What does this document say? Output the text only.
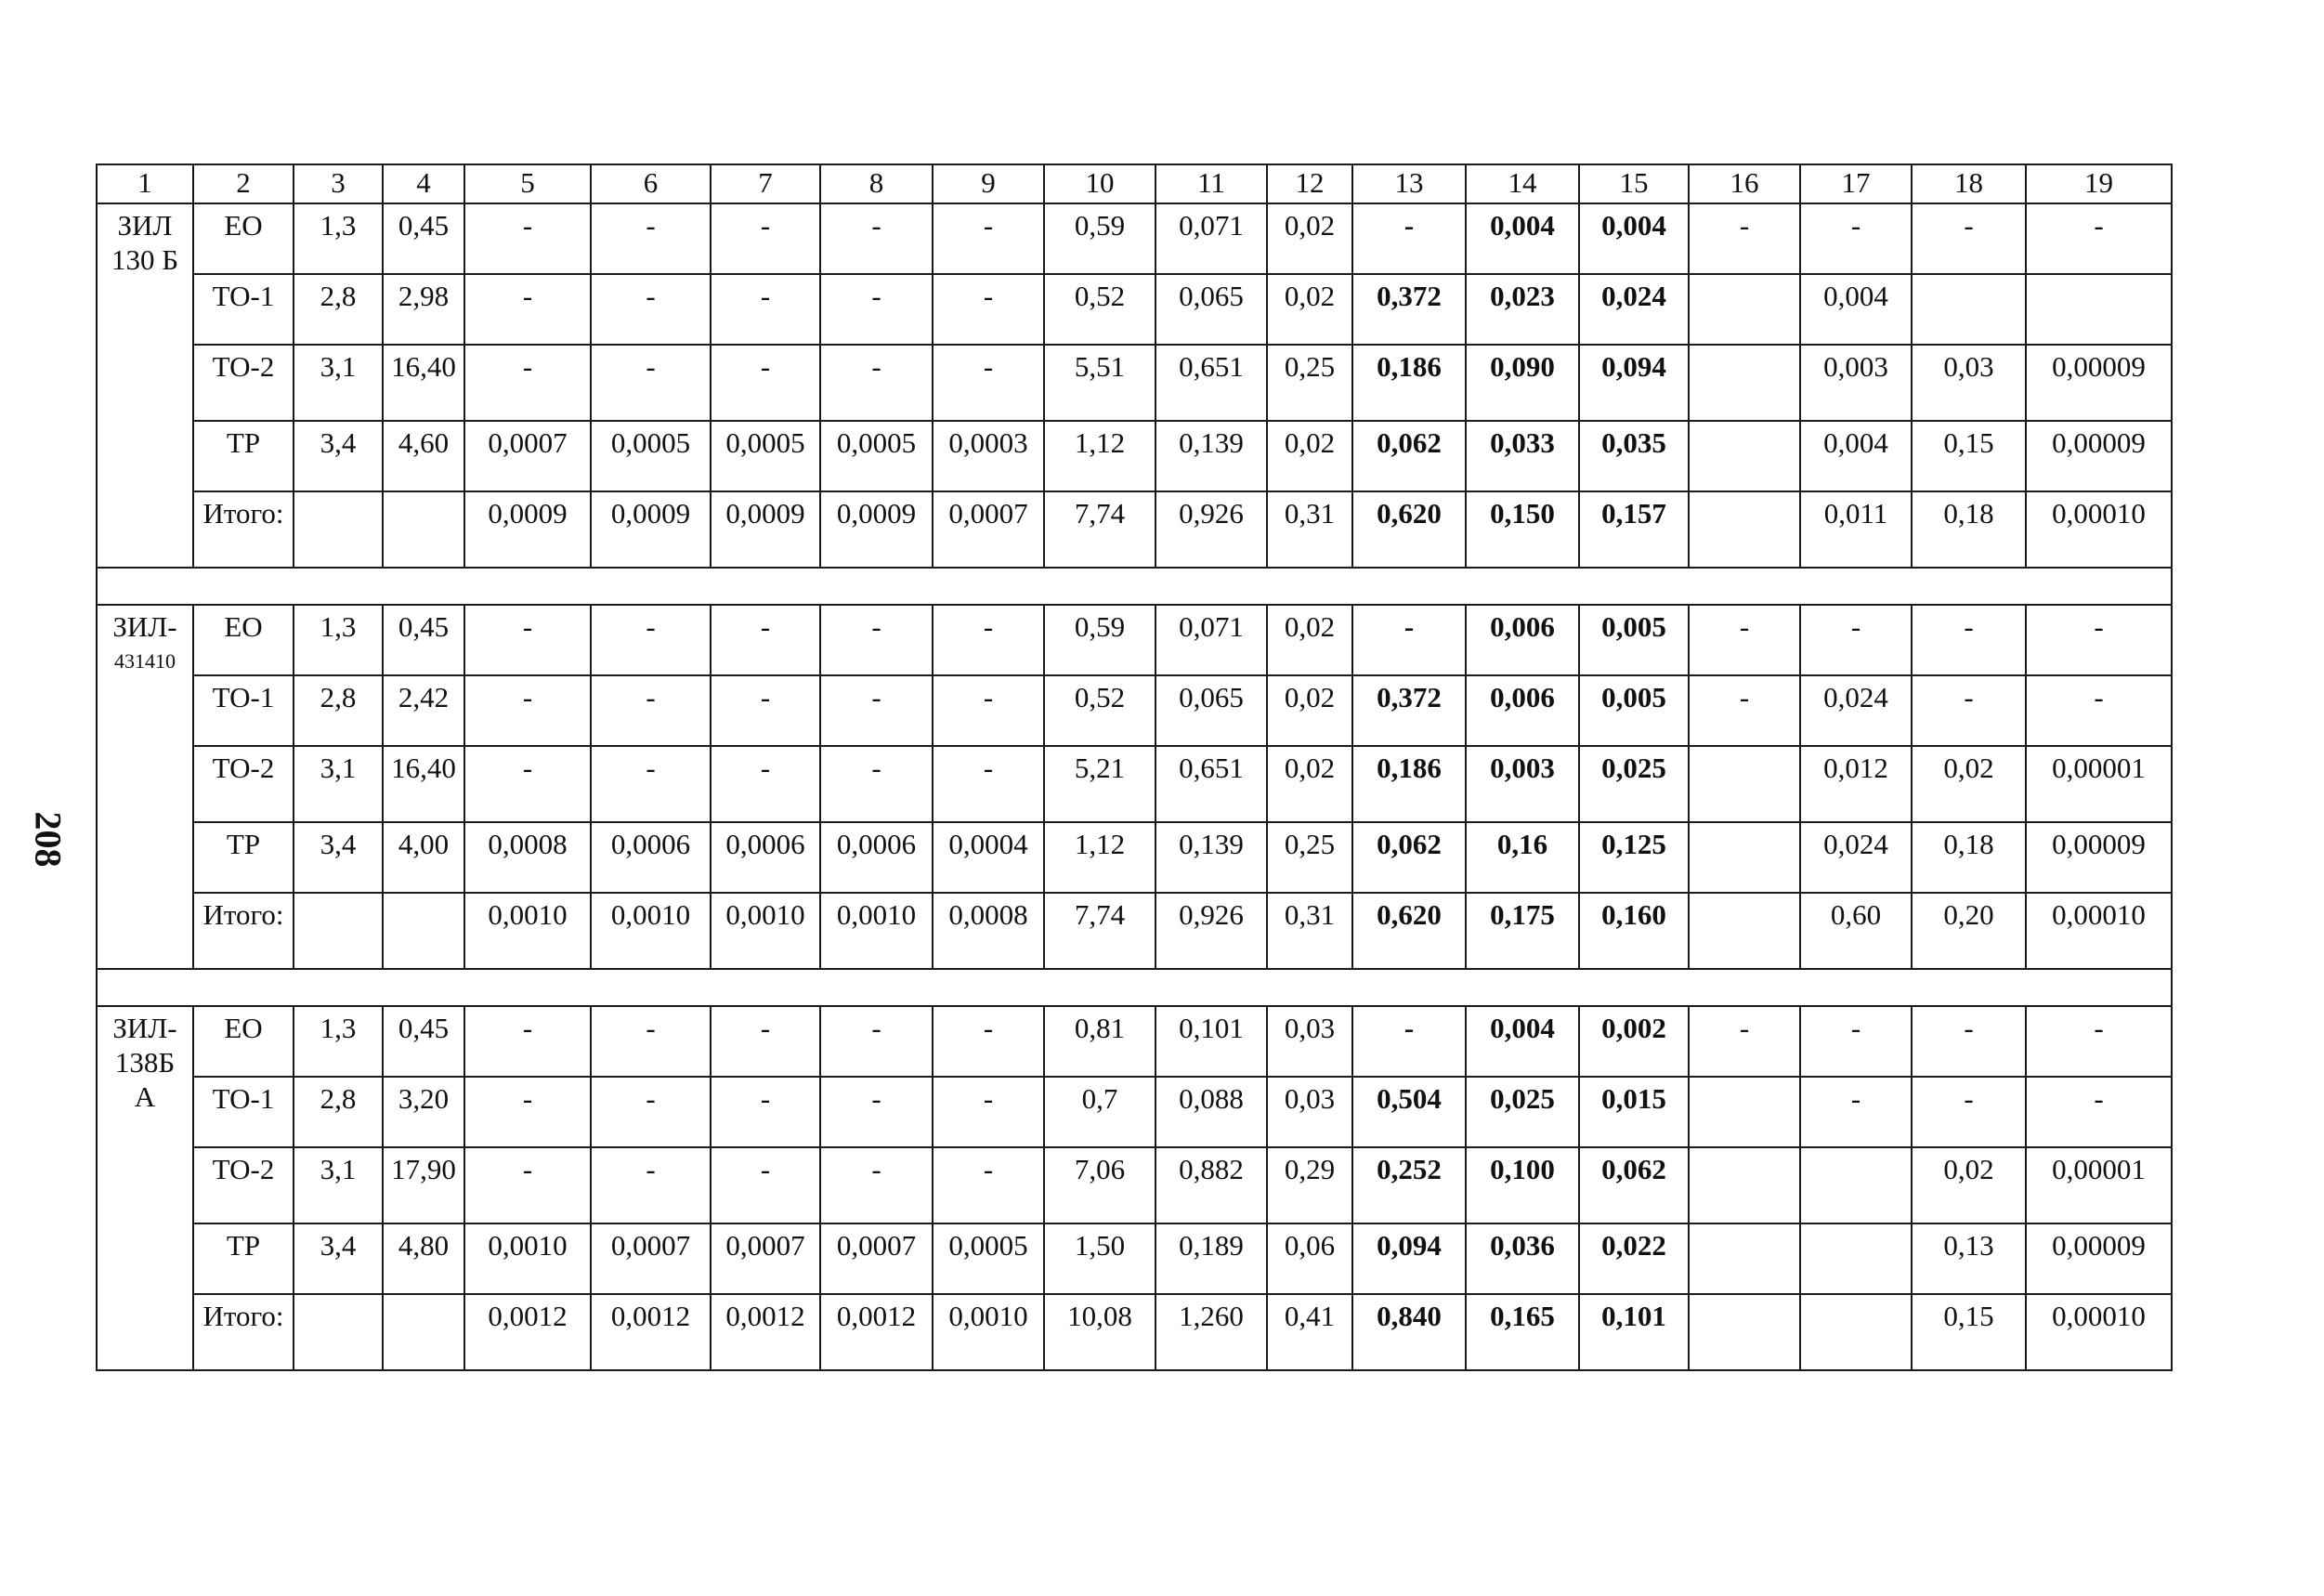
208
1	2	3	4	5	6	7	8	9	10	11	12	13	14	15	16	17	18	19

ЗИЛ
130 Б	ЕО	1,3	0,45	-	-	-	-	-	0,59	0,071	0,02	-	0,004	0,004	-	-	-	-
	ТО-1	2,8	2,98	-	-	-	-	-	0,52	0,065	0,02	0,372	0,023	0,024		0,004		
	ТО-2	3,1	16,40	-	-	-	-	-	5,51	0,651	0,25	0,186	0,090	0,094		0,003	0,03	0,00009
	ТР	3,4	4,60	0,0007	0,0005	0,0005	0,0005	0,0003	1,12	0,139	0,02	0,062	0,033	0,035		0,004	0,15	0,00009
	Итого:			0,0009	0,0009	0,0009	0,0009	0,0007	7,74	0,926	0,31	0,620	0,150	0,157		0,011	0,18	0,00010

ЗИЛ-
431410	ЕО	1,3	0,45	-	-	-	-	-	0,59	0,071	0,02	-	0,006	0,005	-	-	-	-
	ТО-1	2,8	2,42	-	-	-	-	-	0,52	0,065	0,02	0,372	0,006	0,005	-	0,024	-	-
	ТО-2	3,1	16,40	-	-	-	-	-	5,21	0,651	0,02	0,186	0,003	0,025		0,012	0,02	0,00001
	ТР	3,4	4,00	0,0008	0,0006	0,0006	0,0006	0,0004	1,12	0,139	0,25	0,062	0,16	0,125		0,024	0,18	0,00009
	Итого:			0,0010	0,0010	0,0010	0,0010	0,0008	7,74	0,926	0,31	0,620	0,175	0,160		0,60	0,20	0,00010

ЗИЛ-
138Б
А	ЕО	1,3	0,45	-	-	-	-	-	0,81	0,101	0,03	-	0,004	0,002	-	-	-	-
	ТО-1	2,8	3,20	-	-	-	-	-	0,7	0,088	0,03	0,504	0,025	0,015		-	-	-
	ТО-2	3,1	17,90	-	-	-	-	-	7,06	0,882	0,29	0,252	0,100	0,062			0,02	0,00001
	ТР	3,4	4,80	0,0010	0,0007	0,0007	0,0007	0,0005	1,50	0,189	0,06	0,094	0,036	0,022			0,13	0,00009
	Итого:			0,0012	0,0012	0,0012	0,0012	0,0010	10,08	1,260	0,41	0,840	0,165	0,101			0,15	0,00010
